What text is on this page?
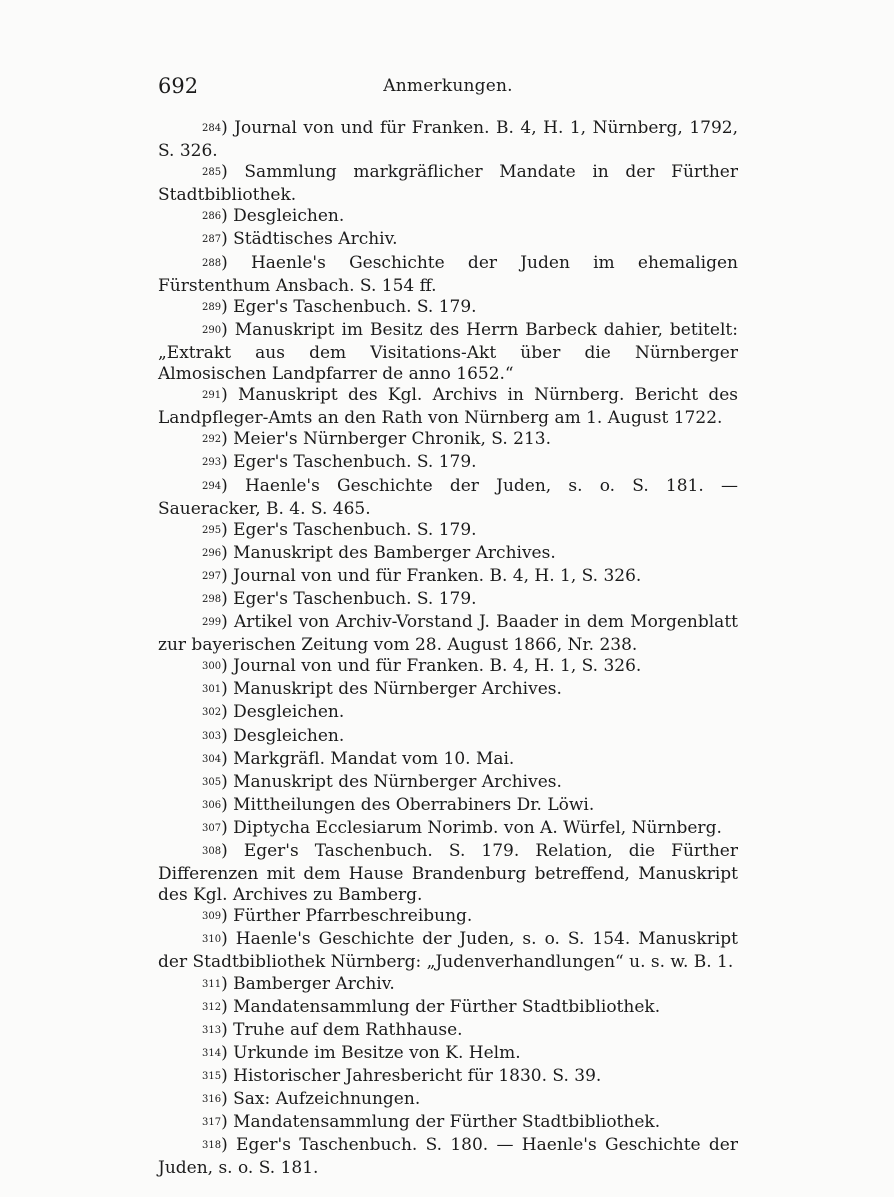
692	Anmerkungen.

$^{284}$) Journal von und für Franken. B. 4, H. 1, Nürnberg, 1792, S. 326.

$^{285}$) Sammlung markgräflicher Mandate in der Fürther Stadtbibliothek.

$^{286}$) Desgleichen.

$^{287}$) Städtisches Archiv.

$^{288}$) Haenle's Geschichte der Juden im ehemaligen Fürstenthum Ansbach. S. 154 ff.

$^{289}$) Eger's Taschenbuch. S. 179.

$^{290}$) Manuskript im Besitz des Herrn Barbeck dahier, betitelt: „Extrakt aus dem Visitations-Akt über die Nürnberger Almosischen Landpfarrer de anno 1652.“

$^{291}$) Manuskript des Kgl. Archivs in Nürnberg. Bericht des Landpfleger-Amts an den Rath von Nürnberg am 1. August 1722.

$^{292}$) Meier's Nürnberger Chronik, S. 213.

$^{293}$) Eger's Taschenbuch. S. 179.

$^{294}$) Haenle's Geschichte der Juden, s. o. S. 181. — Saueracker, B. 4. S. 465.

$^{295}$) Eger's Taschenbuch. S. 179.

$^{296}$) Manuskript des Bamberger Archives.

$^{297}$) Journal von und für Franken. B. 4, H. 1, S. 326.

$^{298}$) Eger's Taschenbuch. S. 179.

$^{299}$) Artikel von Archiv-Vorstand J. Baader in dem Morgenblatt zur bayerischen Zeitung vom 28. August 1866, Nr. 238.

$^{300}$) Journal von und für Franken. B. 4, H. 1, S. 326.

$^{301}$) Manuskript des Nürnberger Archives.

$^{302}$) Desgleichen.

$^{303}$) Desgleichen.

$^{304}$) Markgräfl. Mandat vom 10. Mai.

$^{305}$) Manuskript des Nürnberger Archives.

$^{306}$) Mittheilungen des Oberrabiners Dr. Löwi.

$^{307}$) Diptycha Ecclesiarum Norimb. von A. Würfel, Nürnberg.

$^{308}$) Eger's Taschenbuch. S. 179. Relation, die Fürther Differenzen mit dem Hause Brandenburg betreffend, Manuskript des Kgl. Archives zu Bamberg.

$^{309}$) Fürther Pfarrbeschreibung.

$^{310}$) Haenle's Geschichte der Juden, s. o. S. 154. Manuskript der Stadtbibliothek Nürnberg: „Judenverhandlungen“ u. s. w. B. 1.

$^{311}$) Bamberger Archiv.

$^{312}$) Mandatensammlung der Fürther Stadtbibliothek.

$^{313}$) Truhe auf dem Rathhause.

$^{314}$) Urkunde im Besitze von K. Helm.

$^{315}$) Historischer Jahresbericht für 1830. S. 39.

$^{316}$) Sax: Aufzeichnungen.

$^{317}$) Mandatensammlung der Fürther Stadtbibliothek.

$^{318}$) Eger's Taschenbuch. S. 180. — Haenle's Geschichte der Juden, s. o. S. 181.
